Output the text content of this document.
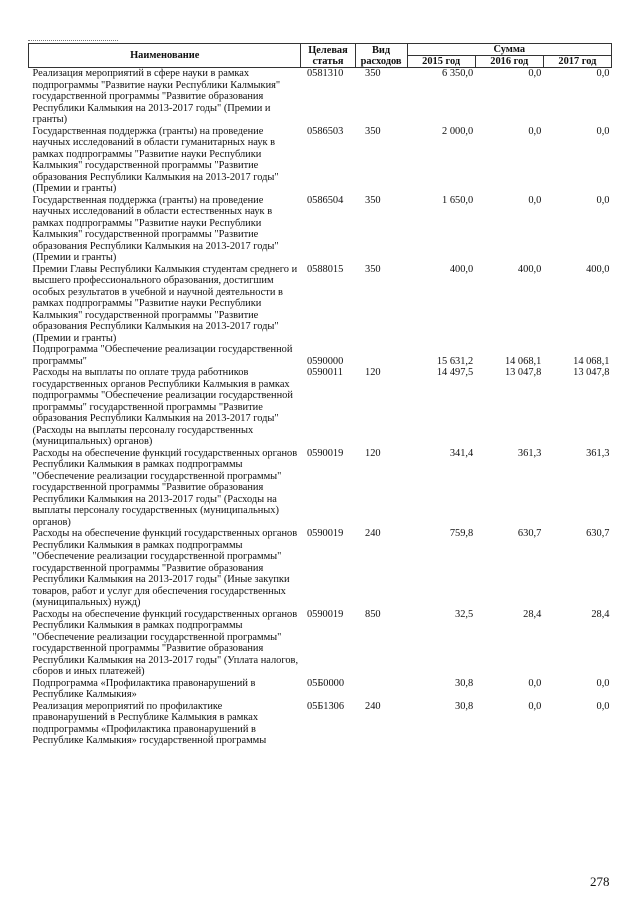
Наименование	Целевая статья	Вид расходов	Сумма		
			2015 год	2016 год	2017 год
Реализация мероприятий в сфере науки в рамках подпрограммы "Развитие науки Республики Калмыкия" государственной программы "Развитие образования Республики Калмыкия на 2013-2017 годы" (Премии и гранты)	0581310	350	6 350,0	0,0	0,0
Государственная поддержка (гранты) на проведение научных исследований в области гуманитарных наук в рамках подпрограммы "Развитие науки Республики Калмыкия" государственной программы "Развитие образования Республики Калмыкия на 2013-2017 годы" (Премии и гранты)	0586503	350	2 000,0	0,0	0,0
Государственная поддержка (гранты) на проведение научных исследований в области естественных наук в рамках подпрограммы "Развитие науки Республики Калмыкия" государственной программы "Развитие образования Республики Калмыкия на 2013-2017 годы" (Премии и гранты)	0586504	350	1 650,0	0,0	0,0
Премии Главы Республики Калмыкия студентам среднего и высшего профессионального образования, достигшим особых результатов в учебной и научной деятельности в рамках подпрограммы "Развитие науки Республики Калмыкия" государственной программы "Развитие образования Республики Калмыкия на 2013-2017 годы" (Премии и гранты)	0588015	350	400,0	400,0	400,0
Подпрограмма "Обеспечение реализации государственной программы"	0590000		15 631,2	14 068,1	14 068,1
Расходы на выплаты по оплате труда работников государственных органов Республики Калмыкия в рамках подпрограммы "Обеспечение реализации государственной программы" государственной программы "Развитие образования Республики Калмыкия на 2013-2017 годы" (Расходы на выплаты персоналу государственных (муниципальных) органов)	0590011	120	14 497,5	13 047,8	13 047,8
Расходы на обеспечение функций государственных органов Республики Калмыкия в рамках подпрограммы "Обеспечение реализации государственной программы" государственной программы "Развитие образования Республики Калмыкия на 2013-2017 годы" (Расходы на выплаты персоналу государственных (муниципальных) органов)	0590019	120	341,4	361,3	361,3
Расходы на обеспечение функций государственных органов Республики Калмыкия в рамках подпрограммы "Обеспечение реализации государственной программы" государственной программы "Развитие образования Республики Калмыкия на 2013-2017 годы" (Иные закупки товаров, работ и услуг для обеспечения государственных (муниципальных) нужд)	0590019	240	759,8	630,7	630,7
Расходы на обеспечение функций государственных органов Республики Калмыкия в рамках подпрограммы "Обеспечение реализации государственной программы" государственной программы "Развитие образования Республики Калмыкия на 2013-2017 годы" (Уплата налогов, сборов и иных платежей)	0590019	850	32,5	28,4	28,4
Подпрограмма «Профилактика правонарушений в Республике Калмыкия»	05Б0000		30,8	0,0	0,0
Реализация мероприятий по профилактике правонарушений в Республике Калмыкия в рамках подпрограммы «Профилактика правонарушений в Республике Калмыкия» государственной программы	05Б1306	240	30,8	0,0	0,0
278
